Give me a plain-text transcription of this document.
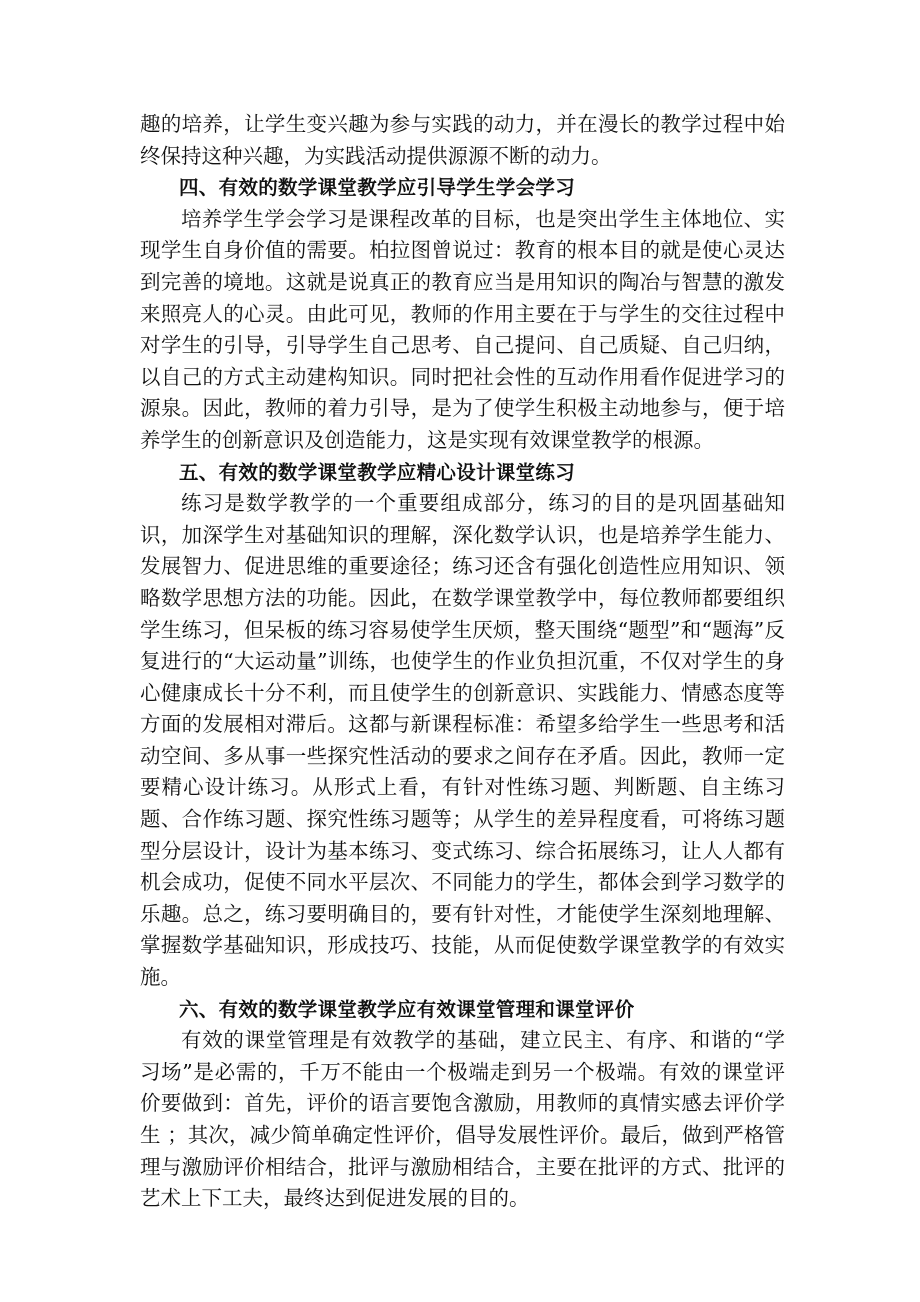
趣的培养，让学生变兴趣为参与实践的动力，并在漫长的教学过程中始终保持这种兴趣，为实践活动提供源源不断的动力。

四、有效的数学课堂教学应引导学生学会学习

培养学生学会学习是课程改革的目标，也是突出学生主体地位、实现学生自身价值的需要。柏拉图曾说过：教育的根本目的就是使心灵达到完善的境地。这就是说真正的教育应当是用知识的陶冶与智慧的激发来照亮人的心灵。由此可见，教师的作用主要在于与学生的交往过程中对学生的引导，引导学生自己思考、自己提问、自己质疑、自己归纳，以自己的方式主动建构知识。同时把社会性的互动作用看作促进学习的源泉。因此，教师的着力引导，是为了使学生积极主动地参与，便于培养学生的创新意识及创造能力，这是实现有效课堂教学的根源。

五、有效的数学课堂教学应精心设计课堂练习

练习是数学教学的一个重要组成部分，练习的目的是巩固基础知识，加深学生对基础知识的理解，深化数学认识，也是培养学生能力、发展智力、促进思维的重要途径；练习还含有强化创造性应用知识、领略数学思想方法的功能。因此，在数学课堂教学中，每位教师都要组织学生练习，但呆板的练习容易使学生厌烦，整天围绕“题型”和“题海”反复进行的“大运动量”训练，也使学生的作业负担沉重，不仅对学生的身心健康成长十分不利，而且使学生的创新意识、实践能力、情感态度等方面的发展相对滞后。这都与新课程标准：希望多给学生一些思考和活动空间、多从事一些探究性活动的要求之间存在矛盾。因此，教师一定要精心设计练习。从形式上看，有针对性练习题、判断题、自主练习题、合作练习题、探究性练习题等；从学生的差异程度看，可将练习题型分层设计，设计为基本练习、变式练习、综合拓展练习，让人人都有机会成功，促使不同水平层次、不同能力的学生，都体会到学习数学的乐趣。总之，练习要明确目的，要有针对性，才能使学生深刻地理解、掌握数学基础知识，形成技巧、技能，从而促使数学课堂教学的有效实施。

六、有效的数学课堂教学应有效课堂管理和课堂评价

有效的课堂管理是有效教学的基础，建立民主、有序、和谐的“学习场”是必需的，千万不能由一个极端走到另一个极端。有效的课堂评价要做到：首先，评价的语言要饱含激励，用教师的真情实感去评价学生 ；其次，减少简单确定性评价，倡导发展性评价。最后，做到严格管理与激励评价相结合，批评与激励相结合，主要在批评的方式、批评的艺术上下工夫，最终达到促进发展的目的。
